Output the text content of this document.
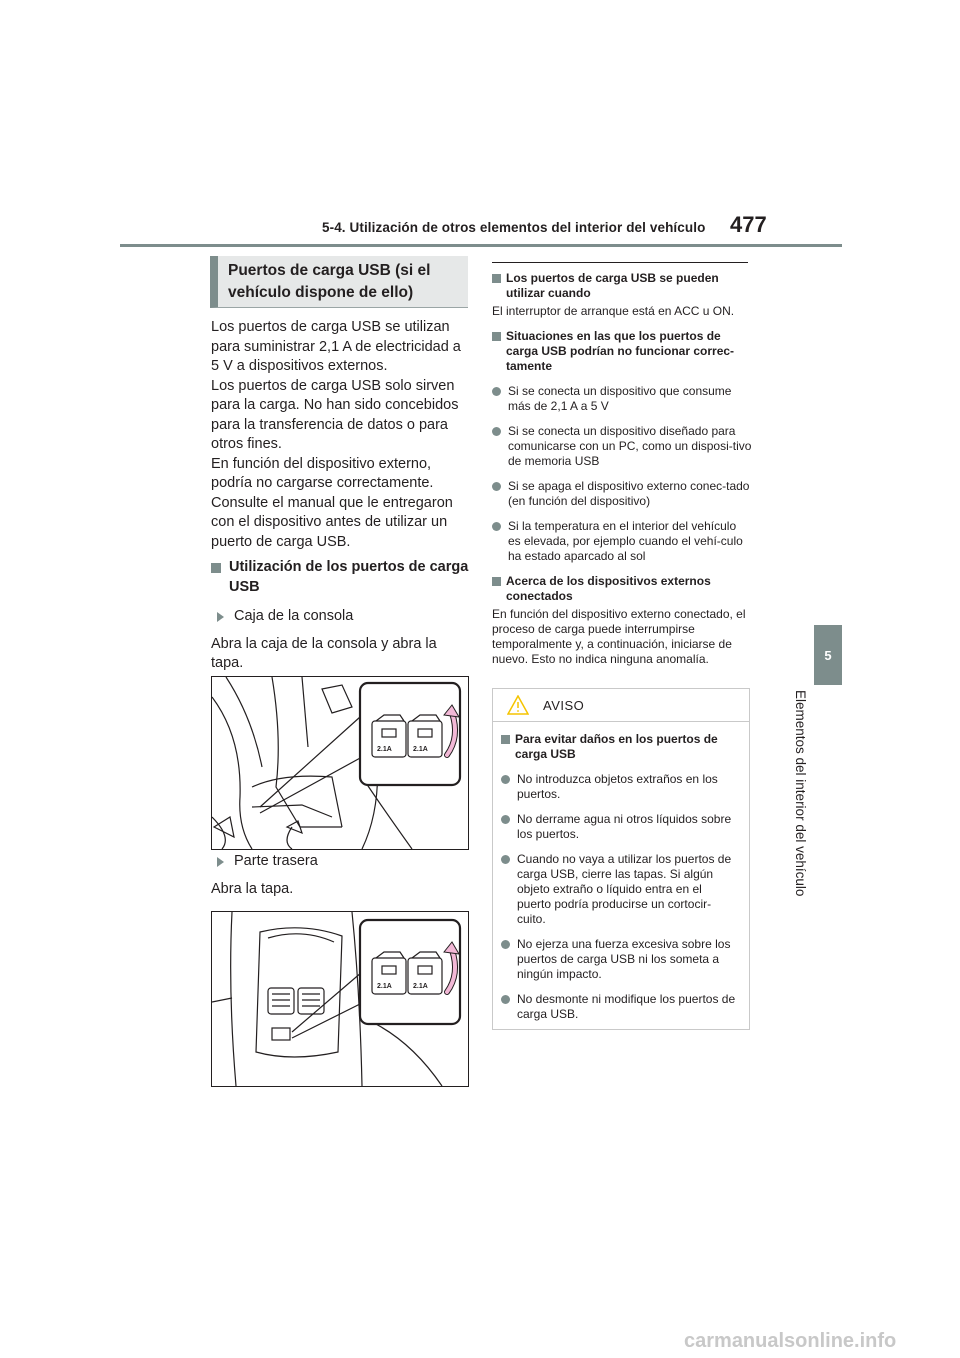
5-4. Utilización de otros elementos del interior del vehículo 477
5
Elementos del interior del vehículo
Puertos de carga USB (si el vehículo dispone de ello)

Los puertos de carga USB se utilizan para suministrar 2,1 A de electricidad a 5 V a dispositivos externos.

Los puertos de carga USB solo sirven para la carga. No han sido concebidos para la transferencia de datos o para otros fines.

En función del dispositivo externo, podría no cargarse correctamente. Consulte el manual que le entregaron con el dispositivo antes de utilizar un puerto de carga USB.

Utilización de los puertos de carga USB
Caja de la consola

Abra la caja de la consola y abra la tapa.

2.1A	2.1A
Parte trasera

Abra la tapa.

2.1A	2.1A
Los puertos de carga USB se pueden utilizar cuando

El interruptor de arranque está en ACC u ON.

Situaciones en las que los puertos de carga USB podrían no funcionar correc-tamente
Si se conecta un dispositivo que consume más de 2,1 A a 5 V
Si se conecta un dispositivo diseñado para comunicarse con un PC, como un disposi-tivo de memoria USB
Si se apaga el dispositivo externo conec-tado (en función del dispositivo)
Si la temperatura en el interior del vehículo es elevada, por ejemplo cuando el vehí-culo ha estado aparcado al sol
Acerca de los dispositivos externos conectados

En función del dispositivo externo conectado, el proceso de carga puede interrumpirse temporalmente y, a continuación, iniciarse de nuevo. Esto no indica ninguna anomalía.

AVISO
Para evitar daños en los puertos de carga USB
No introduzca objetos extraños en los puertos.
No derrame agua ni otros líquidos sobre los puertos.
Cuando no vaya a utilizar los puertos de carga USB, cierre las tapas. Si algún objeto extraño o líquido entra en el puerto podría producirse un cortocir-cuito.
No ejerza una fuerza excesiva sobre los puertos de carga USB ni los someta a ningún impacto.
No desmonte ni modifique los puertos de carga USB.
carmanualsonline.info
